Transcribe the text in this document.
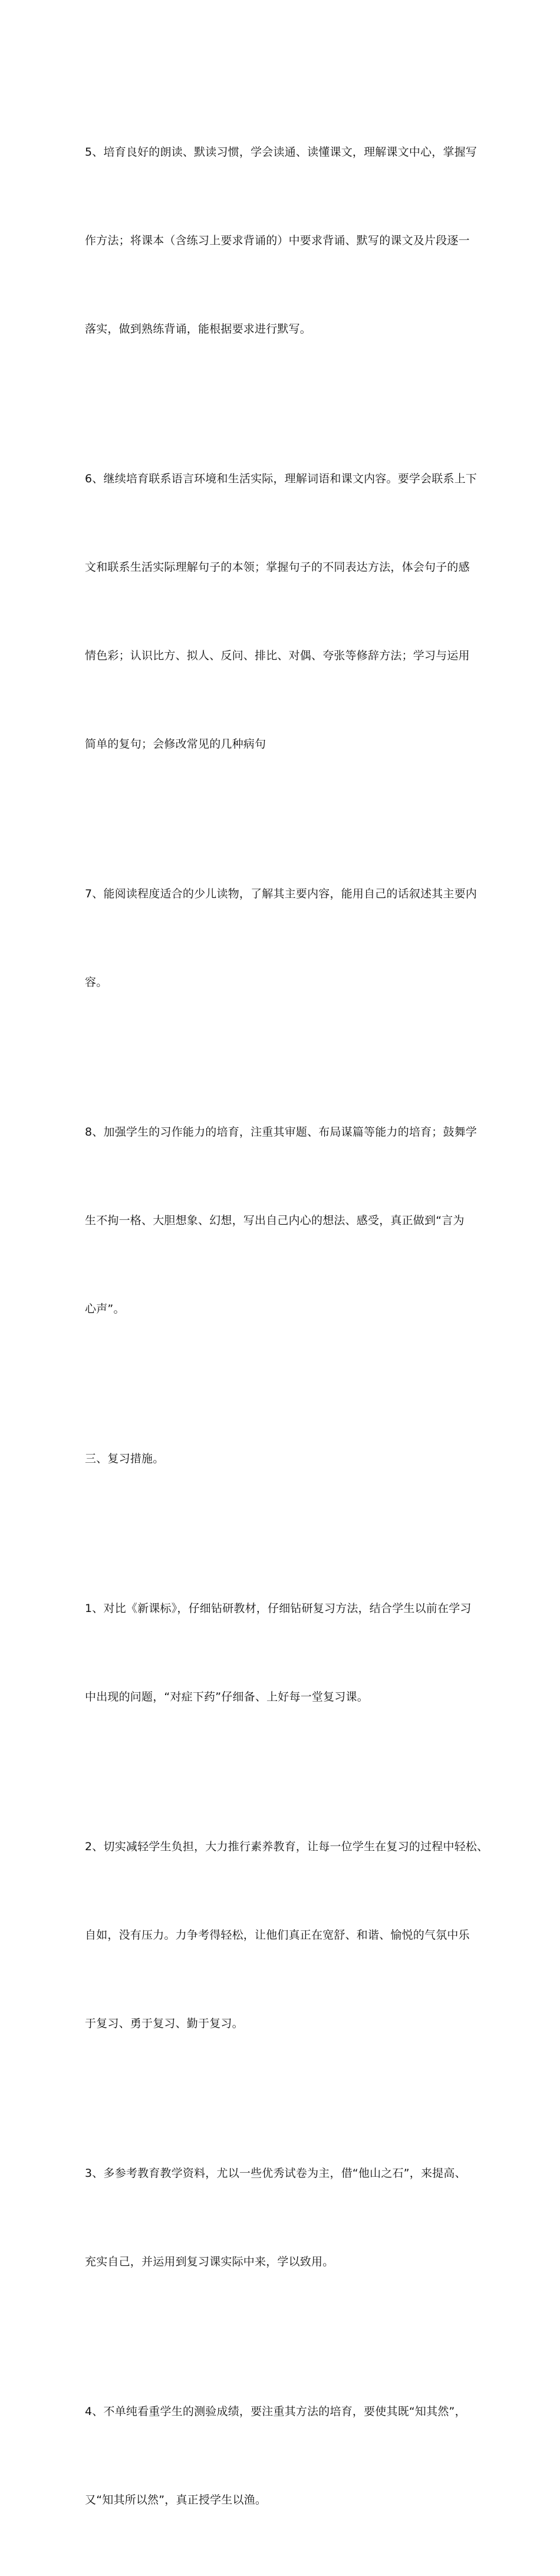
5、培育良好的朗读、默读习惯，学会读通、读懂课文，理解课文中心，掌握写

作方法；将课本（含练习上要求背诵的）中要求背诵、默写的课文及片段逐一

落实，做到熟练背诵，能根据要求进行默写。

6、继续培育联系语言环境和生活实际，理解词语和课文内容。要学会联系上下

文和联系生活实际理解句子的本领；掌握句子的不同表达方法，体会句子的感

情色彩；认识比方、拟人、反问、排比、对偶、夸张等修辞方法；学习与运用

简单的复句；会修改常见的几种病句

7、能阅读程度适合的少儿读物，了解其主要内容，能用自己的话叙述其主要内

容。

8、加强学生的习作能力的培育，注重其审题、布局谋篇等能力的培育；鼓舞学

生不拘一格、大胆想象、幻想，写出自己内心的想法、感受，真正做到“言为

心声”。

三、复习措施。

1、对比《新课标》，仔细钻研教材，仔细钻研复习方法，结合学生以前在学习

中出现的问题，“对症下药”仔细备、上好每一堂复习课。

2、切实减轻学生负担，大力推行素养教育，让每一位学生在复习的过程中轻松、

自如，没有压力。力争考得轻松，让他们真正在宽舒、和谐、愉悦的气氛中乐

于复习、勇于复习、勤于复习。

3、多参考教育教学资料，尤以一些优秀试卷为主，借“他山之石”，来提高、

充实自己，并运用到复习课实际中来，学以致用。

4、不单纯看重学生的测验成绩，要注重其方法的培育，要使其既“知其然”，

又“知其所以然”，真正授学生以渔。
